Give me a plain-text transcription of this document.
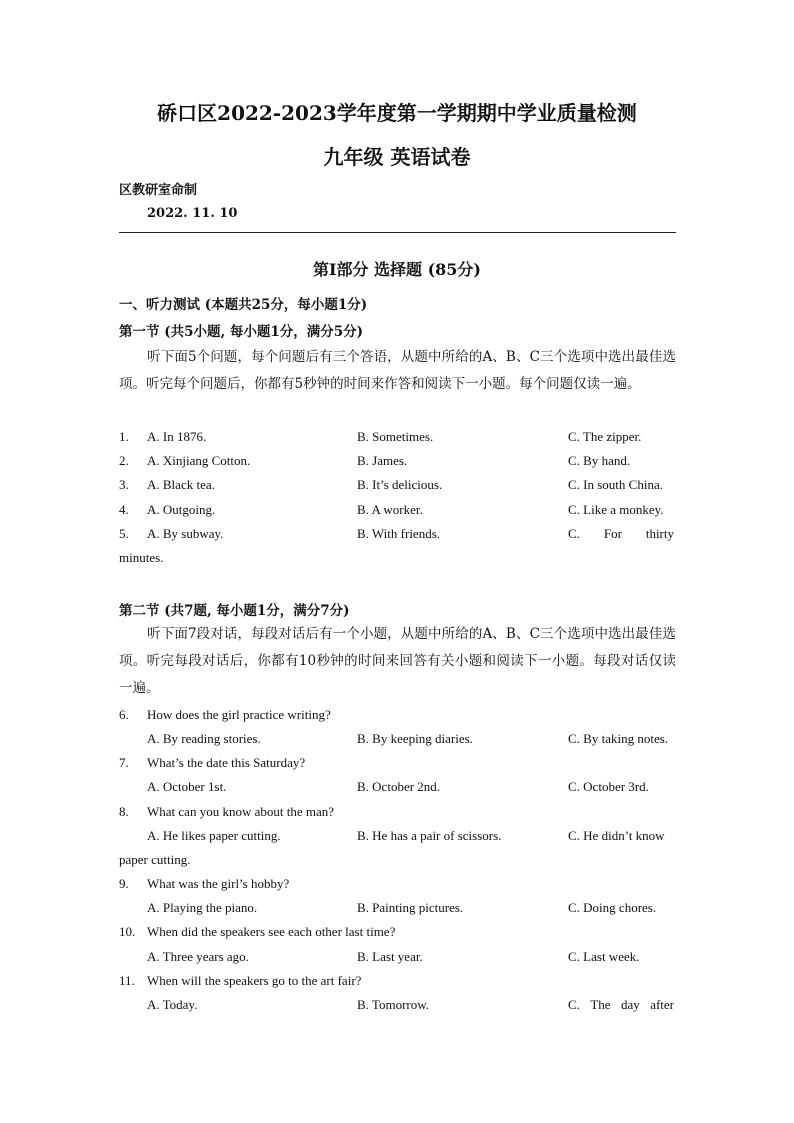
硚口区2022-2023学年度第一学期期中学业质量检测
九年级 英语试卷
区教研室命制
2022. 11. 10
第Ⅰ部分 选择题 (85分)
一、听力测试 (本题共25分，每小题1分)
第一节 (共5小题, 每小题1分，满分5分)
听下面5个问题，每个问题后有三个答语，从题中所给的A、B、C三个选项中选出最佳选项。听完每个问题后，你都有5秒钟的时间来作答和阅读下一小题。每个问题仅读一遍。
1. A. In 1876.	B. Sometimes.	C. The zipper.
2. A. Xinjiang Cotton.	B. James.	C. By hand.
3. A. Black tea.	B. It’s delicious.	C. In south China.
4. A. Outgoing.	B. A worker.	C. Like a monkey.
5. A. By subway.	B. With friends.	C. For thirty
minutes.
第二节 (共7题, 每小题1分，满分7分)
听下面7段对话，每段对话后有一个小题，从题中所给的A、B、C三个选项中选出最佳选项。听完每段对话后，你都有10秒钟的时间来回答有关小题和阅读下一小题。每段对话仅读一遍。
6. How does the girl practice writing?
A. By reading stories.	B. By keeping diaries.	C. By taking notes.
7. What’s the date this Saturday?
A. October 1st.	B. October 2nd.	C. October 3rd.
8. What can you know about the man?
A. He likes paper cutting.	B. He has a pair of scissors.	C. He didn’t know
paper cutting.
9. What was the girl’s hobby?
A. Playing the piano.	B. Painting pictures.	C. Doing chores.
10. When did the speakers see each other last time?
A. Three years ago.	B. Last year.	C. Last week.
11. When will the speakers go to the art fair?
A. Today.	B. Tomorrow.	C. The day after
